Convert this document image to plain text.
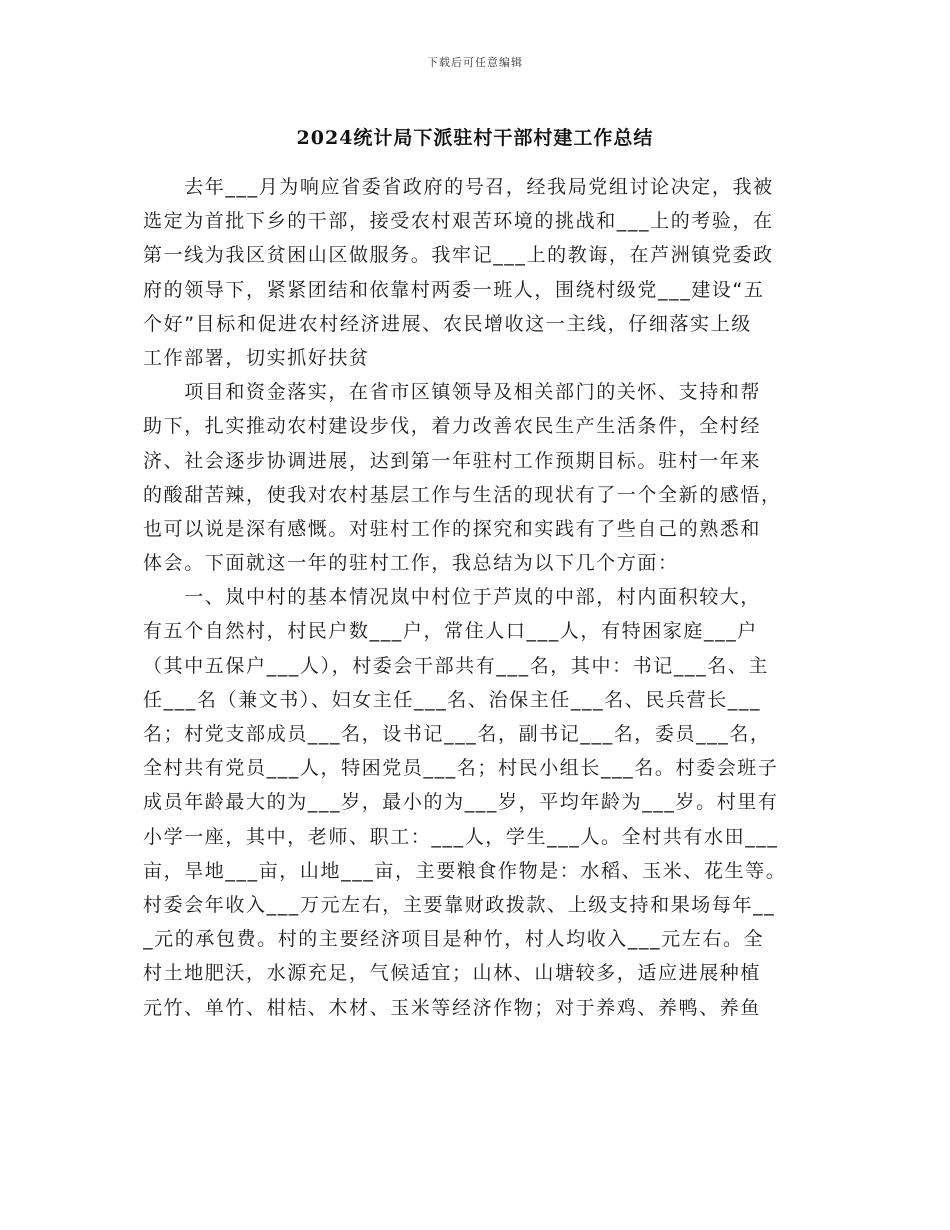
下载后可任意编辑
2024统计局下派驻村干部村建工作总结
　　去年___月为响应省委省政府的号召，经我局党组讨论决定，我被
选定为首批下乡的干部，接受农村艰苦环境的挑战和___上的考验，在
第一线为我区贫困山区做服务。我牢记___上的教诲，在芦洲镇党委政
府的领导下，紧紧团结和依靠村两委一班人，围绕村级党___建设“五
个好”目标和促进农村经济进展、农民增收这一主线，仔细落实上级
工作部署，切实抓好扶贫
　　项目和资金落实，在省市区镇领导及相关部门的关怀、支持和帮
助下，扎实推动农村建设步伐，着力改善农民生产生活条件，全村经
济、社会逐步协调进展，达到第一年驻村工作预期目标。驻村一年来
的酸甜苦辣，使我对农村基层工作与生活的现状有了一个全新的感悟，
也可以说是深有感慨。对驻村工作的探究和实践有了些自己的熟悉和
体会。下面就这一年的驻村工作，我总结为以下几个方面：
　　一、岚中村的基本情况岚中村位于芦岚的中部，村内面积较大，
有五个自然村，村民户数___户，常住人口___人，有特困家庭___户
（其中五保户___人），村委会干部共有___名，其中：书记___名、主
任___名（兼文书）、妇女主任___名、治保主任___名、民兵营长___
名；村党支部成员___名，设书记___名，副书记___名，委员___名，
全村共有党员___人，特困党员___名；村民小组长___名。村委会班子
成员年龄最大的为___岁，最小的为___岁，平均年龄为___岁。村里有
小学一座，其中，老师、职工：___人，学生___人。全村共有水田___
亩，旱地___亩，山地___亩，主要粮食作物是：水稻、玉米、花生等。
村委会年收入___万元左右，主要靠财政拨款、上级支持和果场每年__
_元的承包费。村的主要经济项目是种竹，村人均收入___元左右。全
村土地肥沃，水源充足，气候适宜；山林、山塘较多，适应进展种植
元竹、单竹、柑桔、木材、玉米等经济作物；对于养鸡、养鸭、养鱼
